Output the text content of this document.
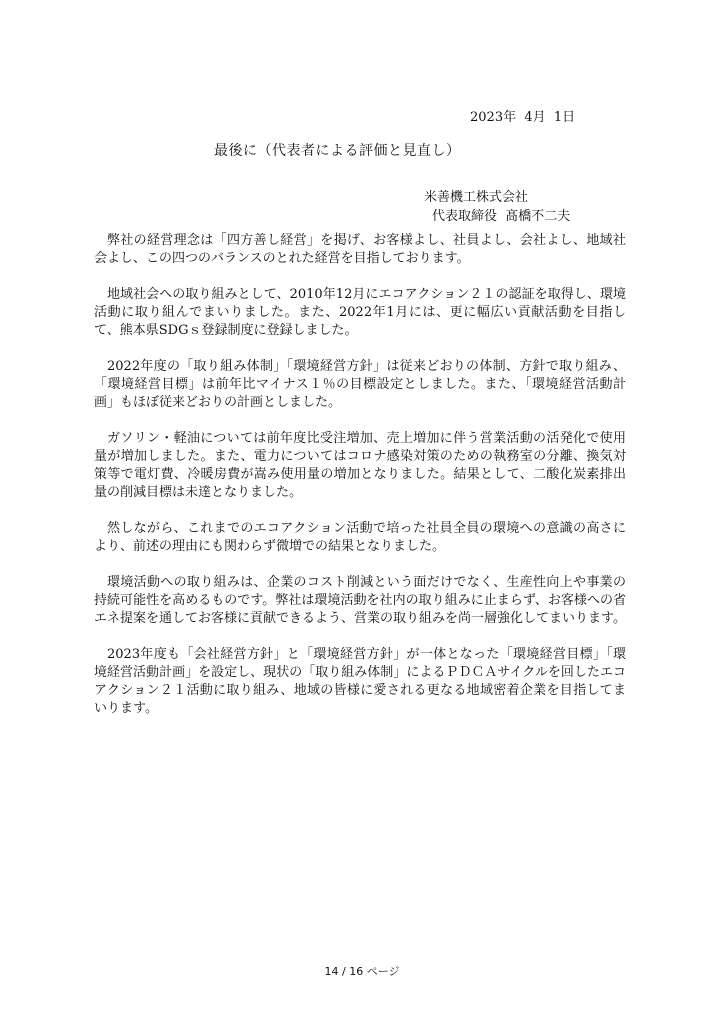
2023年  4月  1日
最後に（代表者による評価と見直し）
米善機工株式会社
代表取締役  髙橋不二夫

弊社の経営理念は「四方善し経営」を掲げ、お客様よし、社員よし、会社よし、地域社会よし、この四つのバランスのとれた経営を目指しております。

地域社会への取り組みとして、2010年12月にエコアクション２１の認証を取得し、環境活動に取り組んでまいりました。また、2022年1月には、更に幅広い貢献活動を目指して、熊本県SDGｓ登録制度に登録しました。

2022年度の「取り組み体制」「環境経営方針」は従来どおりの体制、方針で取り組み、「環境経営目標」は前年比マイナス１％の目標設定としました。また、「環境経営活動計画」もほぼ従来どおりの計画としました。

ガソリン・軽油については前年度比受注増加、売上増加に伴う営業活動の活発化で使用量が増加しました。また、電力についてはコロナ感染対策のための執務室の分離、換気対策等で電灯費、冷暖房費が嵩み使用量の増加となりました。結果として、二酸化炭素排出量の削減目標は未達となりました。

然しながら、これまでのエコアクション活動で培った社員全員の環境への意識の高さにより、前述の理由にも関わらず微増での結果となりました。

環境活動への取り組みは、企業のコスト削減という面だけでなく、生産性向上や事業の持続可能性を高めるものです。弊社は環境活動を社内の取り組みに止まらず、お客様への省エネ提案を通してお客様に貢献できるよう、営業の取り組みを尚一層強化してまいります。

2023年度も「会社経営方針」と「環境経営方針」が一体となった「環境経営目標」「環境経営活動計画」を設定し、現状の「取り組み体制」によるＰＤＣＡサイクルを回したエコアクション２１活動に取り組み、地域の皆様に愛される更なる地域密着企業を目指してまいります。

14 / 16 ページ
